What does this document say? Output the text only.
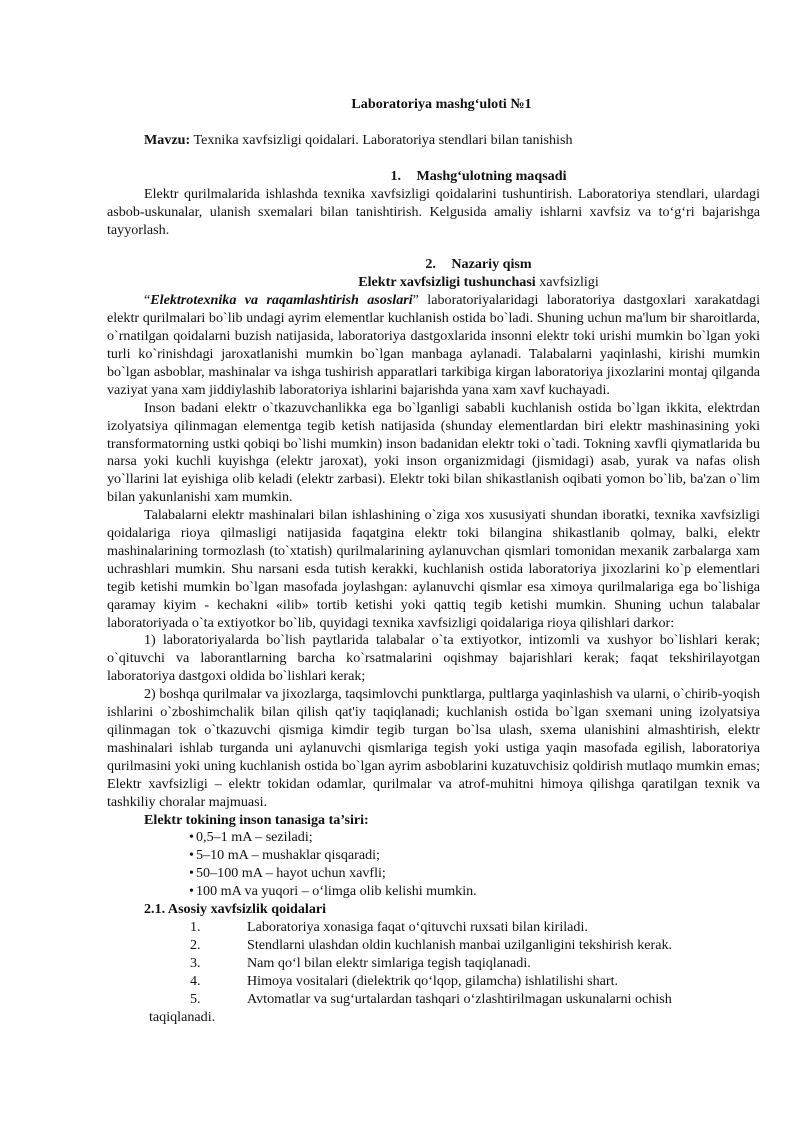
Laboratoriya mashg‘uloti №1

Mavzu: Texnika xavfsizligi qoidalari. Laboratoriya stendlari bilan tanishish

1. Mashg‘ulotning maqsadi

Elektr qurilmalarida ishlashda texnika xavfsizligi qoidalarini tushuntirish. Laboratoriya stendlari, ulardagi asbob-uskunalar, ulanish sxemalari bilan tanishtirish. Kelgusida amaliy ishlarni xavfsiz va to‘g‘ri bajarishga tayyorlash.

2. Nazariy qism

Elektr xavfsizligi tushunchasi xavfsizligi

“Elektrotexnika va raqamlashtirish asoslari” laboratoriyalaridagi laboratoriya dastgoxlari xarakatdagi elektr qurilmalari bo`lib undagi ayrim elementlar kuchlanish ostida bo`ladi. Shuning uchun ma'lum bir sharoitlarda, o`rnatilgan qoidalarni buzish natijasida, laboratoriya dastgoxlarida insonni elektr toki urishi mumkin bo`lgan yoki turli ko`rinishdagi jaroxatlanishi mumkin bo`lgan manbaga aylanadi. Talabalarni yaqinlashi, kirishi mumkin bo`lgan asboblar, mashinalar va ishga tushirish apparatlari tarkibiga kirgan laboratoriya jixozlarini montaj qilganda vaziyat yana xam jiddiylashib laboratoriya ishlarini bajarishda yana xam xavf kuchayadi.

Inson badani elektr o`tkazuvchanlikka ega bo`lganligi sababli kuchlanish ostida bo`lgan ikkita, elektrdan izolyatsiya qilinmagan elementga tegib ketish natijasida (shunday elementlardan biri elektr mashinasining yoki transformatorning ustki qobiqi bo`lishi mumkin) inson badanidan elektr toki o`tadi. Tokning xavfli qiymatlarida bu narsa yoki kuchli kuyishga (elektr jaroxat), yoki inson organizmidagi (jismidagi) asab, yurak va nafas olish yo`llarini lat eyishiga olib keladi (elektr zarbasi). Elektr toki bilan shikastlanish oqibati yomon bo`lib, ba'zan o`lim bilan yakunlanishi xam mumkin.

Talabalarni elektr mashinalari bilan ishlashining o`ziga xos xususiyati shundan iboratki, texnika xavfsizligi qoidalariga rioya qilmasligi natijasida faqatgina elektr toki bilangina shikastlanib qolmay, balki, elektr mashinalarining tormozlash (to`xtatish) qurilmalarining aylanuvchan qismlari tomonidan mexanik zarbalarga xam uchrashlari mumkin. Shu narsani esda tutish kerakki, kuchlanish ostida laboratoriya jixozlarini ko`p elementlari tegib ketishi mumkin bo`lgan masofada joylashgan: aylanuvchi qismlar esa ximoya qurilmalariga ega bo`lishiga qaramay kiyim - kechakni «ilib» tortib ketishi yoki qattiq tegib ketishi mumkin. Shuning uchun talabalar laboratoriyada o`ta extiyotkor bo`lib, quyidagi texnika xavfsizligi qoidalariga rioya qilishlari darkor:

1) laboratoriyalarda bo`lish paytlarida talabalar o`ta extiyotkor, intizomli va xushyor bo`lishlari kerak; o`qituvchi va laborantlarning barcha ko`rsatmalarini oqishmay bajarishlari kerak; faqat tekshirilayotgan laboratoriya dastgoxi oldida bo`lishlari kerak;

2) boshqa qurilmalar va jixozlarga, taqsimlovchi punktlarga, pultlarga yaqinlashish va ularni, o`chirib-yoqish ishlarini o`zboshimchalik bilan qilish qat'iy taqiqlanadi; kuchlanish ostida bo`lgan sxemani uning izolyatsiya qilinmagan tok o`tkazuvchi qismiga kimdir tegib turgan bo`lsa ulash, sxema ulanishini almashtirish, elektr mashinalari ishlab turganda uni aylanuvchi qismlariga tegish yoki ustiga yaqin masofada egilish, laboratoriya qurilmasini yoki uning kuchlanish ostida bo`lgan ayrim asboblarini kuzatuvchisiz qoldirish mutlaqo mumkin emas; Elektr xavfsizligi – elektr tokidan odamlar, qurilmalar va atrof-muhitni himoya qilishga qaratilgan texnik va tashkiliy choralar majmuasi.

Elektr tokining inson tanasiga ta’siri:

• 0,5–1 mA – seziladi;
• 5–10 mA – mushaklar qisqaradi;
• 50–100 mA – hayot uchun xavfli;
• 100 mA va yuqori – o‘limga olib kelishi mumkin.

2.1. Asosiy xavfsizlik qoidalari

1.	Laboratoriya xonasiga faqat o‘qituvchi ruxsati bilan kiriladi.
2.	Stendlarni ulashdan oldin kuchlanish manbai uzilganligini tekshirish kerak.
3.	Nam qo‘l bilan elektr simlariga tegish taqiqlanadi.
4.	Himoya vositalari (dielektrik qo‘lqop, gilamcha) ishlatilishi shart.
5.	Avtomatlar va sug‘urtalardan tashqari o‘zlashtirilmagan uskunalarni ochish

taqiqlanadi.
